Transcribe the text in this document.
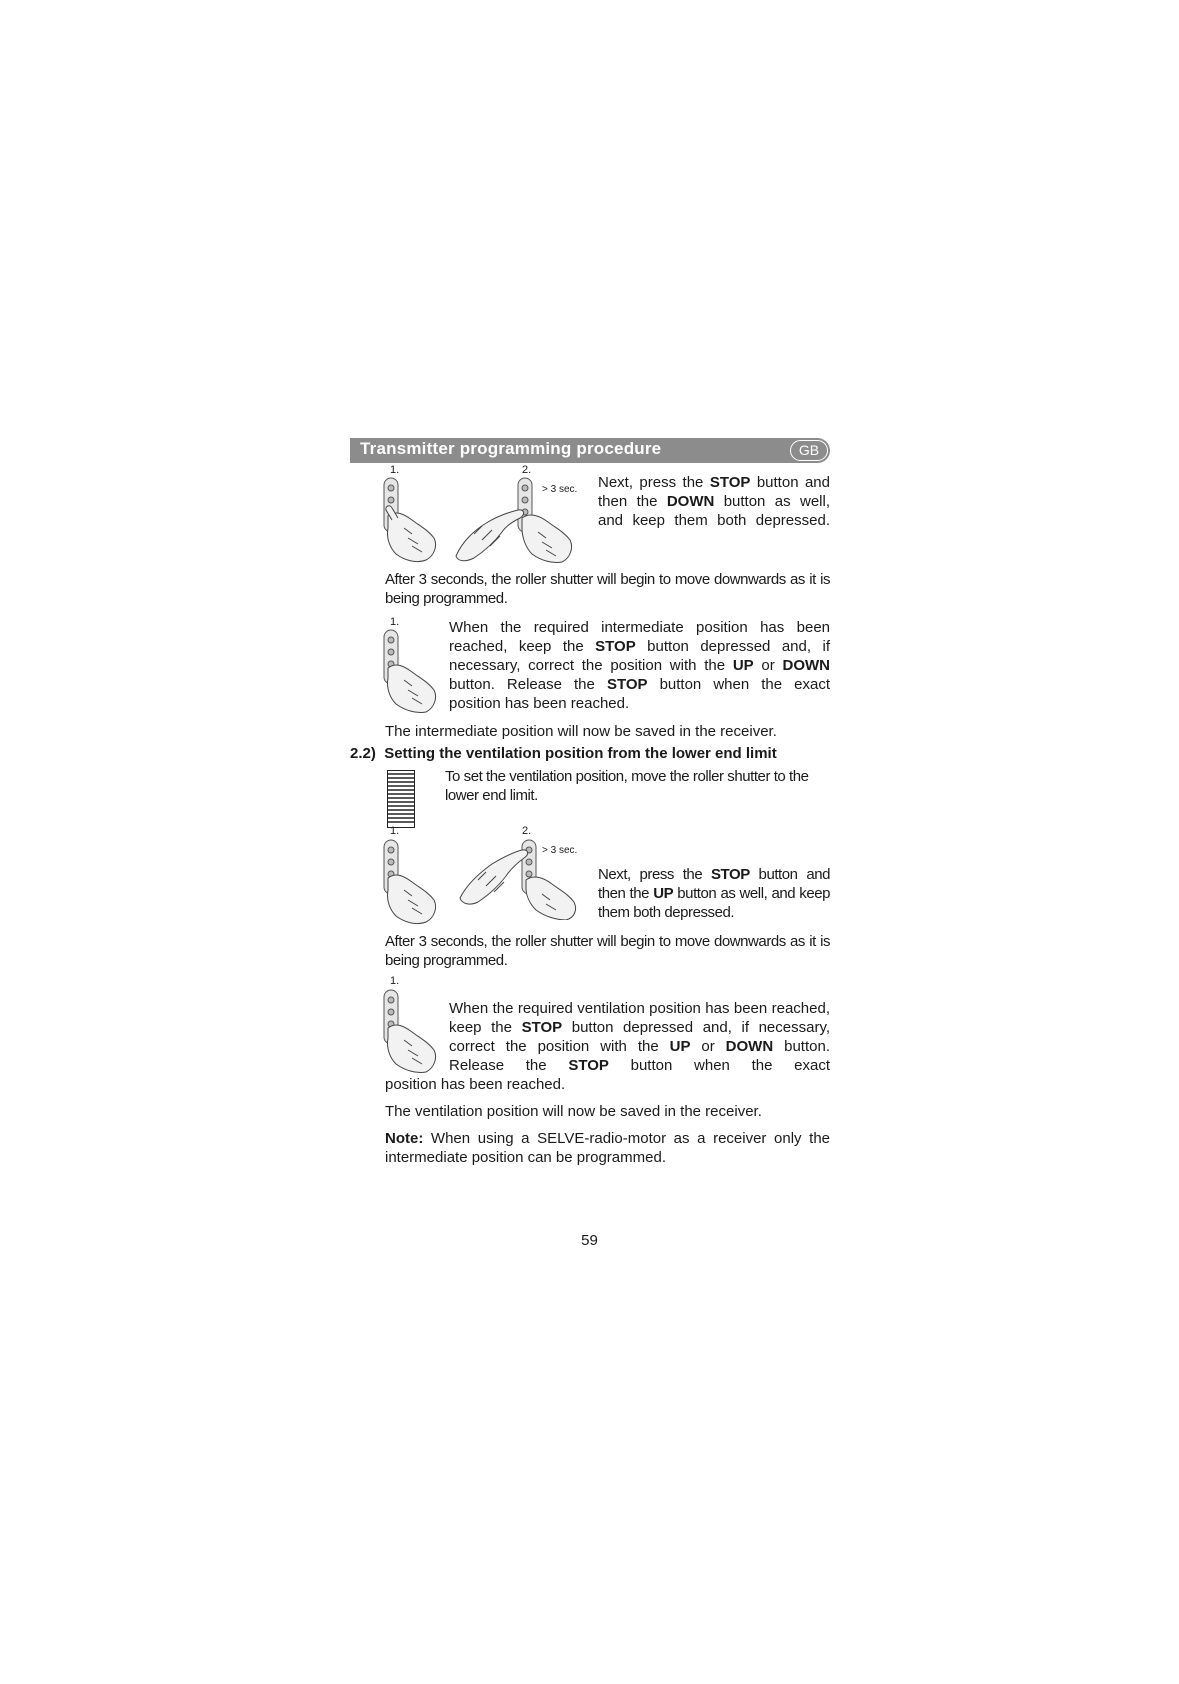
Transmitter programming procedure	GB
1.	2.
> 3 sec. Next, press the STOP button and then the DOWN button as well, and keep them both depressed.
After 3 seconds, the roller shutter will begin to move downwards as it is being programmed.
1.	When the required intermediate position has been reached, keep the STOP button depressed and, if necessary, correct the position with the UP or DOWN button. Release the STOP button when the exact position has been reached.
The intermediate position will now be saved in the receiver.
2.2) Setting the ventilation position from the lower end limit
To set the ventilation position, move the roller shutter to the lower end limit.
1.	2.
> 3 sec.
Next, press the STOP button and then the UP button as well, and keep them both depressed.
After 3 seconds, the roller shutter will begin to move downwards as it is being programmed.
1.
When the required ventilation position has been reached, keep the STOP button depressed and, if necessary, correct the position with the UP or DOWN button. Release the STOP button when the exact
position has been reached.
The ventilation position will now be saved in the receiver.
Note: When using a SELVE-radio-motor as a receiver only the intermediate position can be programmed.
59
